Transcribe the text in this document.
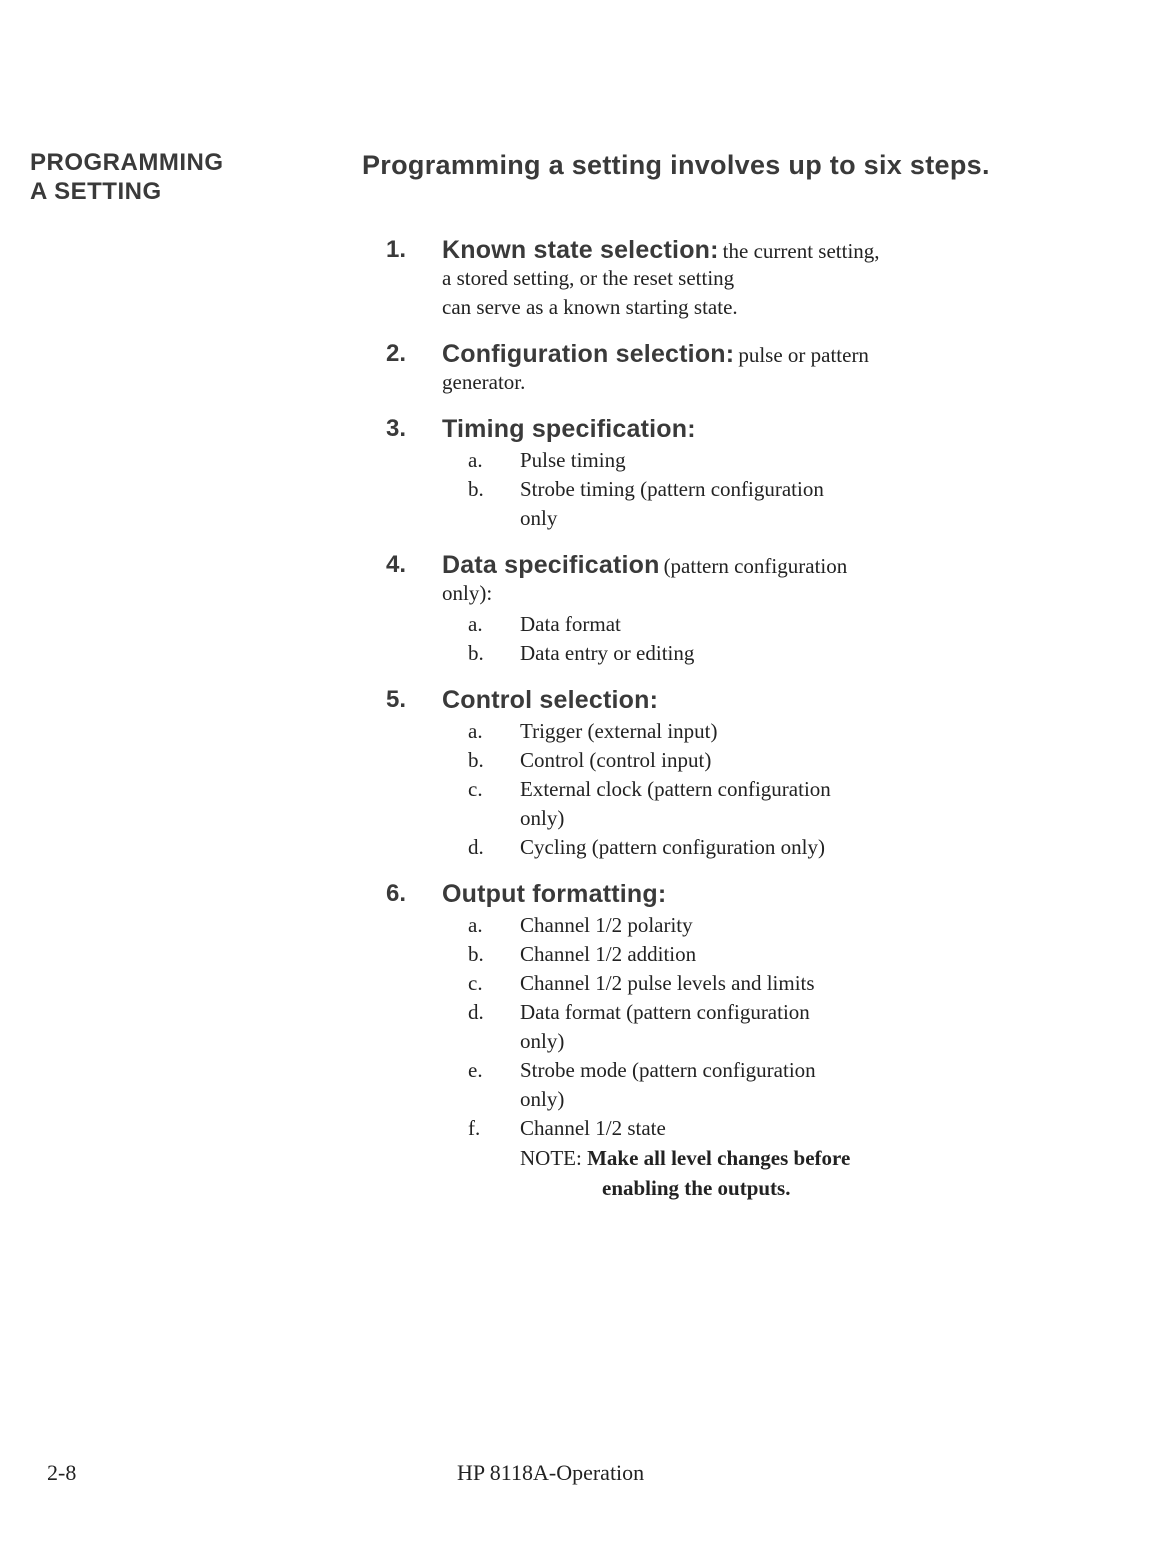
PROGRAMMING
A SETTING
Programming a setting involves up to six steps.
1. Known state selection: the current setting,
a stored setting, or the reset setting
can serve as a known starting state.
2. Configuration selection: pulse or pattern
generator.
3. Timing specification:
a. Pulse timing
b. Strobe timing (pattern configuration
only
4. Data specification (pattern configuration
only):
a. Data format
b. Data entry or editing
5. Control selection:
a. Trigger (external input)
b. Control (control input)
c. External clock (pattern configuration
only)
d. Cycling (pattern configuration only)
6. Output formatting:
a. Channel 1/2 polarity
b. Channel 1/2 addition
c. Channel 1/2 pulse levels and limits
d. Data format (pattern configuration
only)
e. Strobe mode (pattern configuration
only)
f. Channel 1/2 state
NOTE: Make all level changes before
enabling the outputs.
2-8	HP 8118A-Operation
